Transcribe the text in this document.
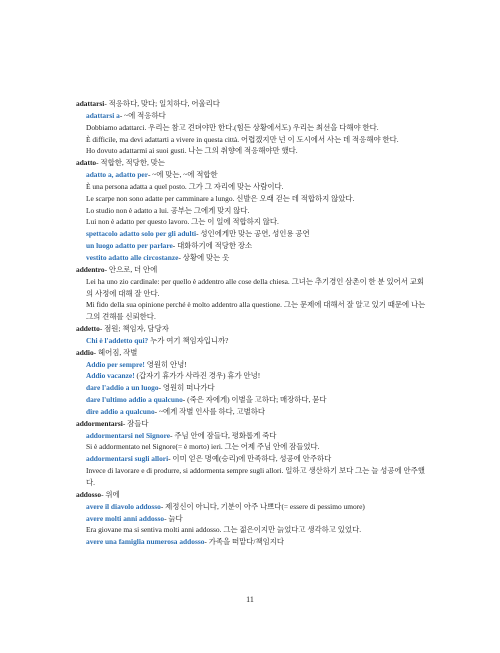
adattarsi- 적응하다, 맞다; 일치하다, 어울리다
adattarsi a- ~에 적응하다
Dobbiamo adattarci. 우리는 참고 견뎌야만 한다.(힘든 상황에서도) 우리는 최선을 다해야 한다.
È difficile, ma devi adattarti a vivere in questa città. 어렵겠지만 넌 이 도시에서 사는 데 적응해야 한다.
Ho dovuto adattarmi ai suoi gusti. 나는 그의 취향에 적응해야만 했다.
adatto- 적합한, 적당한, 맞는
adatto a, adatto per- ~에 맞는, ~에 적합한
È una persona adatta a quel posto. 그가 그 자리에 맞는 사람이다.
Le scarpe non sono adatte per camminare a lungo. 신발은 오래 걷는 데 적합하지 않았다.
Lo studio non è adatto a lui. 공부는 그에게 맞지 않다.
Lui non è adatto per questo lavoro. 그는 이 일에 적합하지 않다.
spettacolo adatto solo per gli adulti- 성인에게만 맞는 공연, 성인용 공연
un luogo adatto per parlare- 대화하기에 적당한 장소
vestito adatto alle circostanze- 상황에 맞는 옷
addentro- 안으로, 더 안에
Lei ha uno zio cardinale: per quello è addentro alle cose della chiesa. 그녀는 추기경인 삼촌이 한 분 있어서 교회의 사정에 대해 잘 안다.
Mi fido della sua opinione perché è molto addentro alla questione. 그는 문제에 대해서 잘 알고 있기 때문에 나는 그의 견해를 신뢰한다.
addetto- 점원; 책임자, 담당자
Chi è l'addetto qui? 누가 여기 책임자입니까?
addio- 헤어짐, 작별
Addio per sempre! 영원히 안녕!
Addio vacanze! (갑자기 휴가가 사라진 경우) 휴가 안녕!
dare l'addio a un luogo- 영원히 떠나가다
dare l'ultimo addio a qualcuno- (죽은 자에게) 이별을 고하다; 매장하다, 묻다
dire addio a qualcuno- ~에게 작별 인사를 하다, 고별하다
addormentarsi- 잠들다
addormentarsi nel Signore- 주님 안에 잠들다, 평화롭게 죽다
Si è addormentato nel Signore(= è morto) ieri. 그는 어제 주님 안에 잠들었다.
addormentarsi sugli allori- 이미 얻은 명예(승리)에 만족하다, 성공에 안주하다
Invece di lavorare e di produrre, si addormenta sempre sugli allori. 일하고 생산하기 보다 그는 늘 성공에 안주했다.
addosso- 위에
avere il diavolo addosso- 제정신이 아니다, 기분이 아주 나쁘다(= essere di pessimo umore)
avere molti anni addosso- 늙다
Era giovane ma si sentiva molti anni addosso. 그는 젊은이지만 늙었다고 생각하고 있었다.
avere una famiglia numerosa addosso- 가족을 떠맡다/책임지다
11
